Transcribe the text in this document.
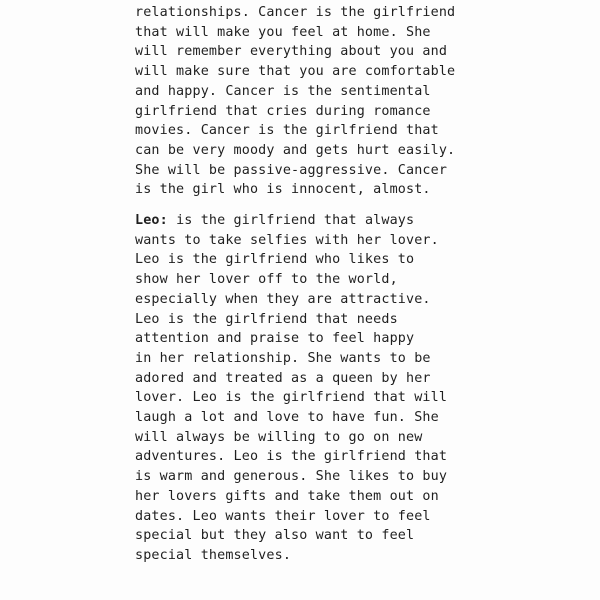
relationships. Cancer is the girlfriend
that will make you feel at home. She
will remember everything about you and
will make sure that you are comfortable
and happy. Cancer is the sentimental
girlfriend that cries during romance
movies. Cancer is the girlfriend that
can be very moody and gets hurt easily.
She will be passive-aggressive. Cancer
is the girl who is innocent, almost.
Leo: is the girlfriend that always
wants to take selfies with her lover.
Leo is the girlfriend who likes to
show her lover off to the world,
especially when they are attractive.
Leo is the girlfriend that needs
attention and praise to feel happy
in her relationship. She wants to be
adored and treated as a queen by her
lover. Leo is the girlfriend that will
laugh a lot and love to have fun. She
will always be willing to go on new
adventures. Leo is the girlfriend that
is warm and generous. She likes to buy
her lovers gifts and take them out on
dates. Leo wants their lover to feel
special but they also want to feel
special themselves.
